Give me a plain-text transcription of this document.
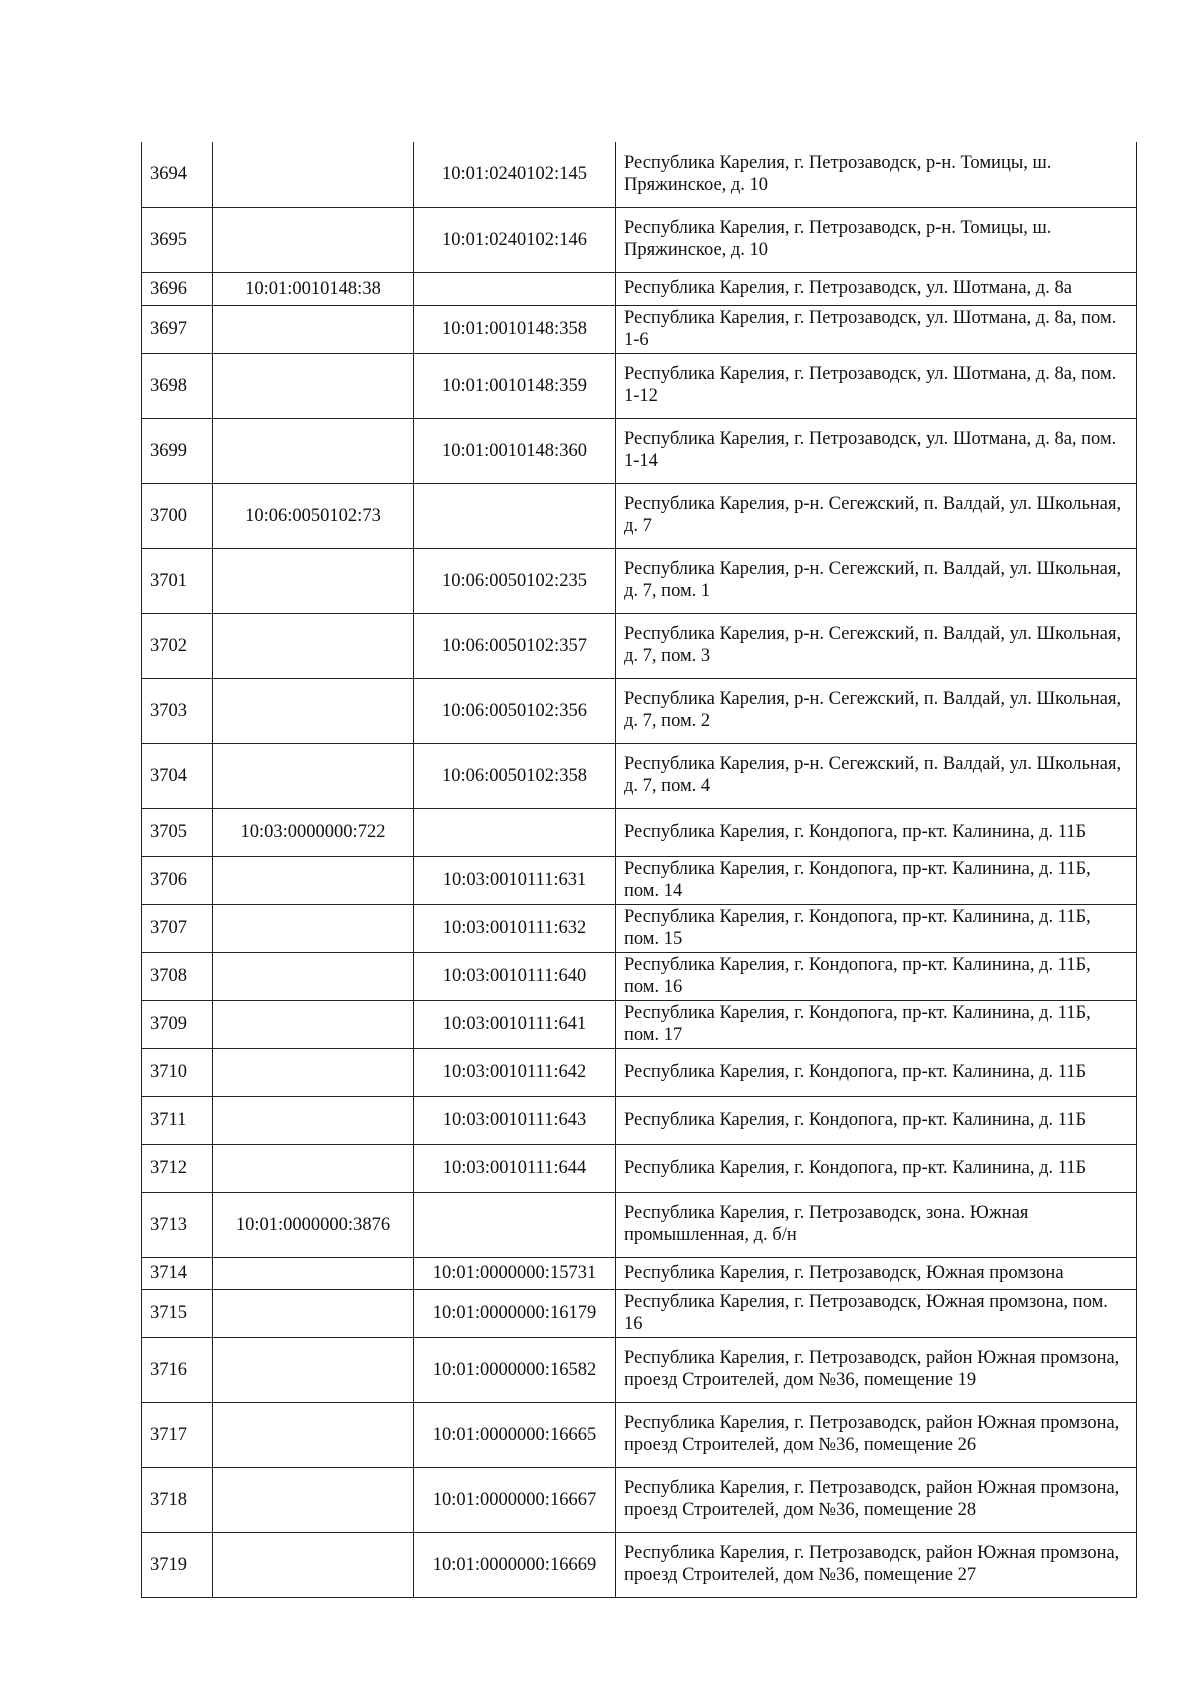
3694		10:01:0240102:145	Республика Карелия, г. Петрозаводск, р-н. Томицы, ш. Пряжинское, д. 10

3695		10:01:0240102:146	Республика Карелия, г. Петрозаводск, р-н. Томицы, ш. Пряжинское, д. 10

3696	10:01:0010148:38		Республика Карелия, г. Петрозаводск, ул. Шотмана, д. 8а

3697		10:01:0010148:358	Республика Карелия, г. Петрозаводск, ул. Шотмана, д. 8а, пом. 1-6

3698		10:01:0010148:359	Республика Карелия, г. Петрозаводск, ул. Шотмана, д. 8а, пом. 1-12

3699		10:01:0010148:360	Республика Карелия, г. Петрозаводск, ул. Шотмана, д. 8а, пом. 1-14

3700	10:06:0050102:73		Республика Карелия, р-н. Сегежский, п. Валдай, ул. Школьная, д. 7

3701		10:06:0050102:235	Республика Карелия, р-н. Сегежский, п. Валдай, ул. Школьная, д. 7, пом. 1

3702		10:06:0050102:357	Республика Карелия, р-н. Сегежский, п. Валдай, ул. Школьная, д. 7, пом. 3

3703		10:06:0050102:356	Республика Карелия, р-н. Сегежский, п. Валдай, ул. Школьная, д. 7, пом. 2

3704		10:06:0050102:358	Республика Карелия, р-н. Сегежский, п. Валдай, ул. Школьная, д. 7, пом. 4

3705	10:03:0000000:722		Республика Карелия, г. Кондопога, пр-кт. Калинина, д. 11Б

3706		10:03:0010111:631	Республика Карелия, г. Кондопога, пр-кт. Калинина, д. 11Б, пом. 14

3707		10:03:0010111:632	Республика Карелия, г. Кондопога, пр-кт. Калинина, д. 11Б, пом. 15

3708		10:03:0010111:640	Республика Карелия, г. Кондопога, пр-кт. Калинина, д. 11Б, пом. 16

3709		10:03:0010111:641	Республика Карелия, г. Кондопога, пр-кт. Калинина, д. 11Б, пом. 17

3710		10:03:0010111:642	Республика Карелия, г. Кондопога, пр-кт. Калинина, д. 11Б

3711		10:03:0010111:643	Республика Карелия, г. Кондопога, пр-кт. Калинина, д. 11Б

3712		10:03:0010111:644	Республика Карелия, г. Кондопога, пр-кт. Калинина, д. 11Б

3713	10:01:0000000:3876		Республика Карелия, г. Петрозаводск, зона. Южная промышленная, д. б/н

3714		10:01:0000000:15731	Республика Карелия, г. Петрозаводск, Южная промзона

3715		10:01:0000000:16179	Республика Карелия, г. Петрозаводск, Южная промзона, пом. 16

3716		10:01:0000000:16582	Республика Карелия, г. Петрозаводск, район Южная промзона, проезд Строителей, дом №36, помещение 19

3717		10:01:0000000:16665	Республика Карелия, г. Петрозаводск, район Южная промзона, проезд Строителей, дом №36, помещение 26

3718		10:01:0000000:16667	Республика Карелия, г. Петрозаводск, район Южная промзона, проезд Строителей, дом №36, помещение 28

3719		10:01:0000000:16669	Республика Карелия, г. Петрозаводск, район Южная промзона, проезд Строителей, дом №36, помещение 27
